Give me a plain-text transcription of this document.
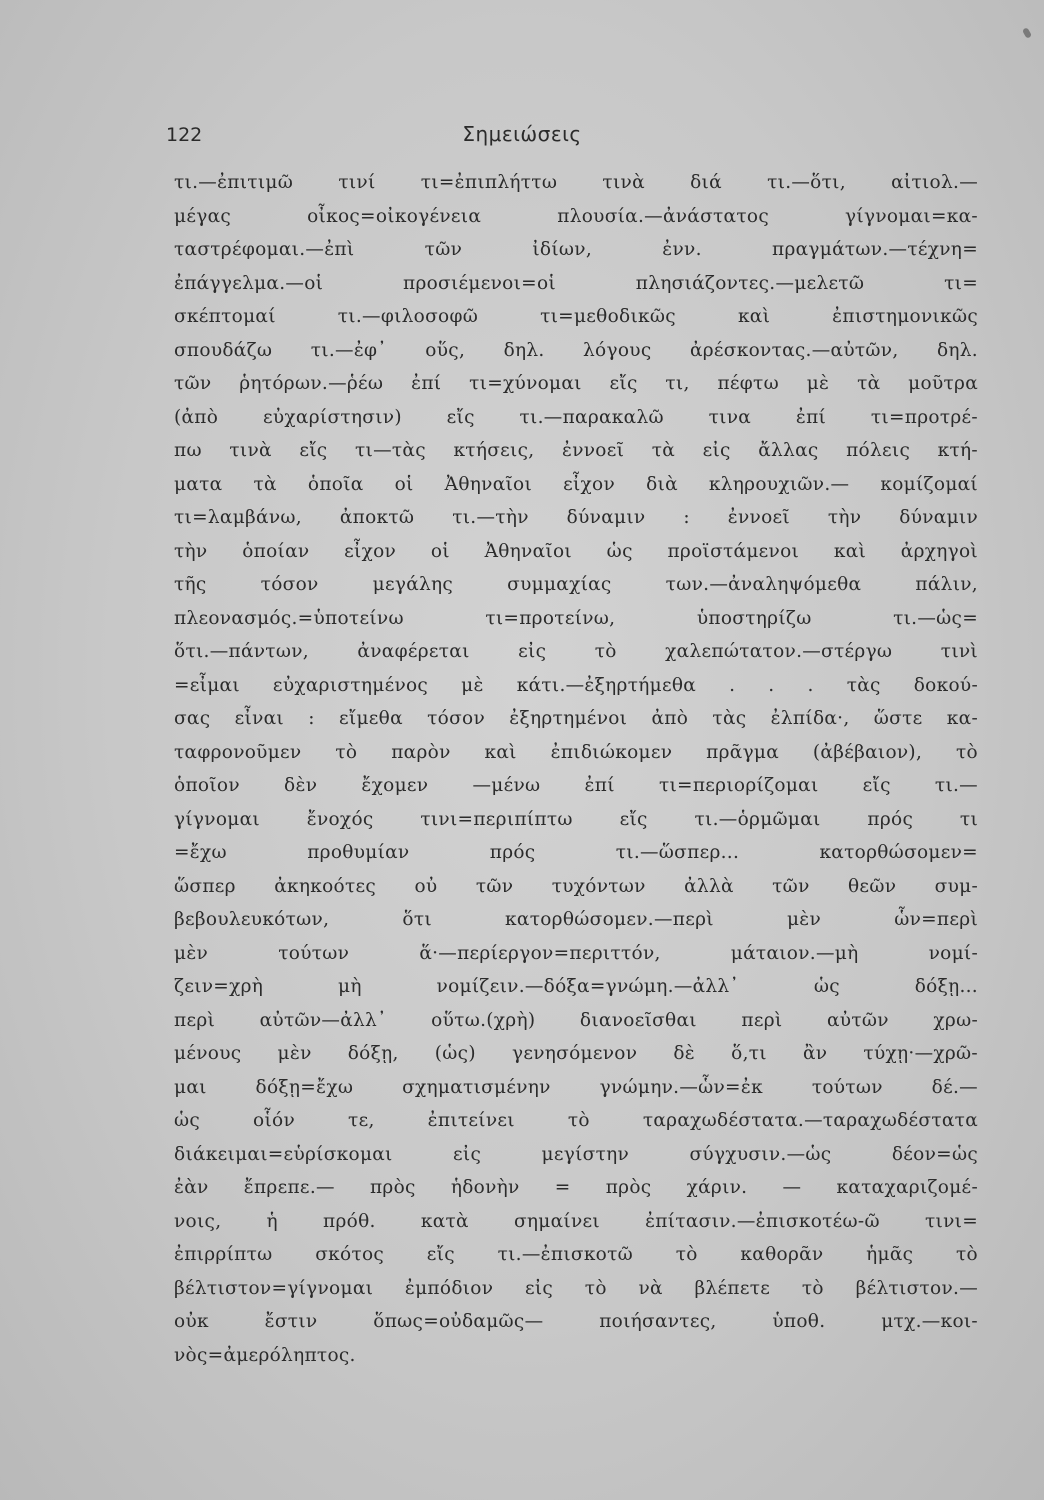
122	Σημειώσεις

τι.—ἐπιτιμῶ τινί τι=ἐπιπλήττω τινὰ διά τι.—ὅτι, αἰτιολ.—
μέγας οἶκος=οἰκογένεια πλουσία.—ἀνάστατος γίγνομαι=κα-
ταστρέφομαι.—ἐπὶ τῶν ἰδίων, ἐνν. πραγμάτων.—τέχνη=
ἐπάγγελμα.—οἱ προσιέμενοι=οἱ πλησιάζοντες.—μελετῶ τι=
σκέπτομαί τι.—φιλοσοφῶ τι=μεθοδικῶς καὶ ἐπιστημονικῶς
σπουδάζω τι.—ἐφ᾽ οὕς, δηλ. λόγους ἀρέσκοντας.—αὐτῶν, δηλ.
τῶν ῥητόρων.—ῥέω ἐπί τι=χύνομαι εἴς τι, πέφτω μὲ τὰ μοῦτρα
(ἀπὸ εὐχαρίστησιν) εἴς τι.—παρακαλῶ τινα ἐπί τι=προτρέ-
πω τινὰ εἴς τι—τὰς κτήσεις, ἐννοεῖ τὰ εἰς ἄλλας πόλεις κτή-
ματα τὰ ὁποῖα οἱ Ἀθηναῖοι εἶχον διὰ κληρουχιῶν.— κομίζομαί
τι=λαμβάνω, ἀποκτῶ τι.—τὴν δύναμιν : ἐννοεῖ τὴν δύναμιν
τὴν ὁποίαν εἶχον οἱ Ἀθηναῖοι ὡς προϊστάμενοι καὶ ἀρχηγοὶ
τῆς τόσον μεγάλης συμμαχίας των.—ἀναληψόμεθα πάλιν,
πλεονασμός.=ὑποτείνω τι=προτείνω, ὑποστηρίζω τι.—ὡς=
ὅτι.—πάντων, ἀναφέρεται εἰς τὸ χαλεπώτατον.—στέργω τινὶ
=εἶμαι εὐχαριστημένος μὲ κάτι.—ἐξηρτήμεθα . . . τὰς δοκού-
σας εἶναι : εἴμεθα τόσον ἐξηρτημένοι ἀπὸ τὰς ἐλπίδα·, ὥστε κα-
ταφρονοῦμεν τὸ παρὸν καὶ ἐπιδιώκομεν πρᾶγμα (ἀβέβαιον), τὸ
ὁποῖον δὲν ἔχομεν —μένω ἐπί τι=περιορίζομαι εἴς τι.—
γίγνομαι ἔνοχός τινι=περιπίπτω εἴς τι.—ὁρμῶμαι πρός τι
=ἔχω προθυμίαν πρός τι.—ὥσπερ... κατορθώσομεν=
ὥσπερ ἀκηκοότες οὐ τῶν τυχόντων ἀλλὰ τῶν θεῶν συμ-
βεβουλευκότων, ὅτι κατορθώσομεν.—περὶ μὲν ὧν=περὶ
μὲν τούτων ἅ·—περίεργον=περιττόν, μάταιον.—μὴ νομί-
ζειν=χρὴ μὴ νομίζειν.—δόξα=γνώμη.—ἀλλ᾽ ὡς δόξῃ...
περὶ αὐτῶν—ἀλλ᾽ οὕτω.(χρὴ) διανοεῖσθαι περὶ αὐτῶν χρω-
μένους μὲν δόξῃ, (ὡς) γενησόμενον δὲ ὅ,τι ἂν τύχῃ·—χρῶ-
μαι δόξῃ=ἔχω σχηματισμένην γνώμην.—ὧν=ἐκ τούτων δέ.—
ὡς οἷόν τε, ἐπιτείνει τὸ ταραχωδέστατα.—ταραχωδέστατα
διάκειμαι=εὑρίσκομαι εἰς μεγίστην σύγχυσιν.—ὡς δέον=ὡς
ἐὰν ἔπρεπε.— πρὸς ἡδονὴν = πρὸς χάριν. — καταχαριζομέ-
νοις, ἡ πρόθ. κατὰ σημαίνει ἐπίτασιν.—ἐπισκοτέω-ῶ τινι=
ἐπιρρίπτω σκότος εἴς τι.—ἐπισκοτῶ τὸ καθορᾶν ἡμᾶς τὸ
βέλτιστον=γίγνομαι ἐμπόδιον εἰς τὸ νὰ βλέπετε τὸ βέλτιστον.—
οὐκ ἔστιν ὅπως=οὐδαμῶς— ποιήσαντες, ὑποθ. μτχ.—κοι-
νὸς=ἀμερόληπτος.
